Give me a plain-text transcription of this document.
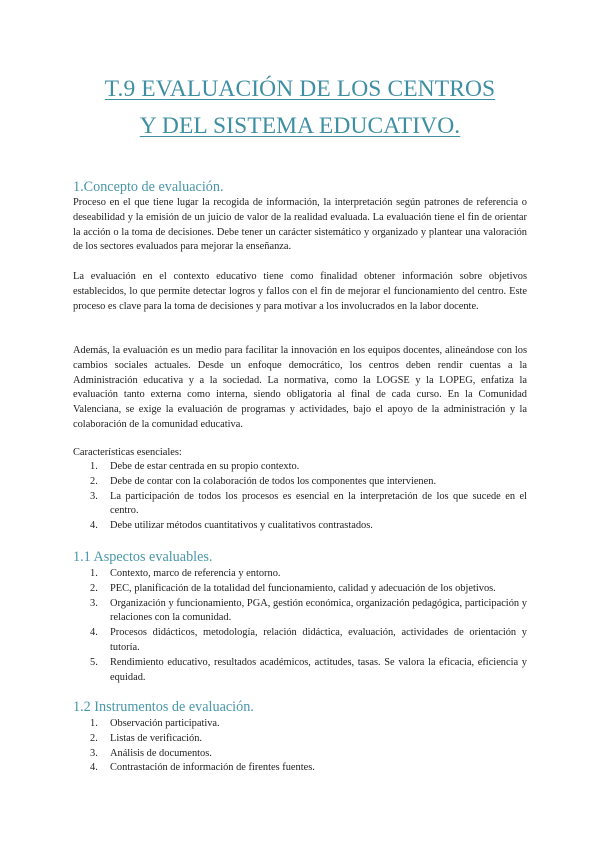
T.9 EVALUACIÓN DE LOS CENTROS
Y DEL SISTEMA EDUCATIVO.
1.Concepto de evaluación.

Proceso en el que tiene lugar la recogida de información, la interpretación según patrones de referencia o deseabilidad y la emisión de un juicio de valor de la realidad evaluada. La evaluación tiene el fin de orientar la acción o la toma de decisiones. Debe tener un carácter sistemático y organizado y plantear una valoración de los sectores evaluados para mejorar la enseñanza.

La evaluación en el contexto educativo tiene como finalidad obtener información sobre objetivos establecidos, lo que permite detectar logros y fallos con el fin de mejorar el funcionamiento del centro. Este proceso es clave para la toma de decisiones y para motivar a los involucrados en la labor docente.

Además, la evaluación es un medio para facilitar la innovación en los equipos docentes, alineándose con los cambios sociales actuales. Desde un enfoque democrático, los centros deben rendir cuentas a la Administración educativa y a la sociedad. La normativa, como la LOGSE y la LOPEG, enfatiza la evaluación tanto externa como interna, siendo obligatoria al final de cada curso. En la Comunidad Valenciana, se exige la evaluación de programas y actividades, bajo el apoyo de la administración y la colaboración de la comunidad educativa.

Características esenciales:
1. Debe de estar centrada en su propio contexto.
2. Debe de contar con la colaboración de todos los componentes que intervienen.
3. La participación de todos los procesos es esencial en la interpretación de los que sucede en el centro.
4. Debe utilizar métodos cuantitativos y cualitativos contrastados.
1.1 Aspectos evaluables.
1. Contexto, marco de referencia y entorno.
2. PEC, planificación de la totalidad del funcionamiento, calidad y adecuación de los objetivos.
3. Organización y funcionamiento, PGA, gestión económica, organización pedagógica, participación y relaciones con la comunidad.
4. Procesos didácticos, metodología, relación didáctica, evaluación, actividades de orientación y tutoría.
5. Rendimiento educativo, resultados académicos, actitudes, tasas. Se valora la eficacia, eficiencia y equidad.
1.2 Instrumentos de evaluación.
1. Observación participativa.
2. Listas de verificación.
3. Análisis de documentos.
4. Contrastación de información de firentes fuentes.
